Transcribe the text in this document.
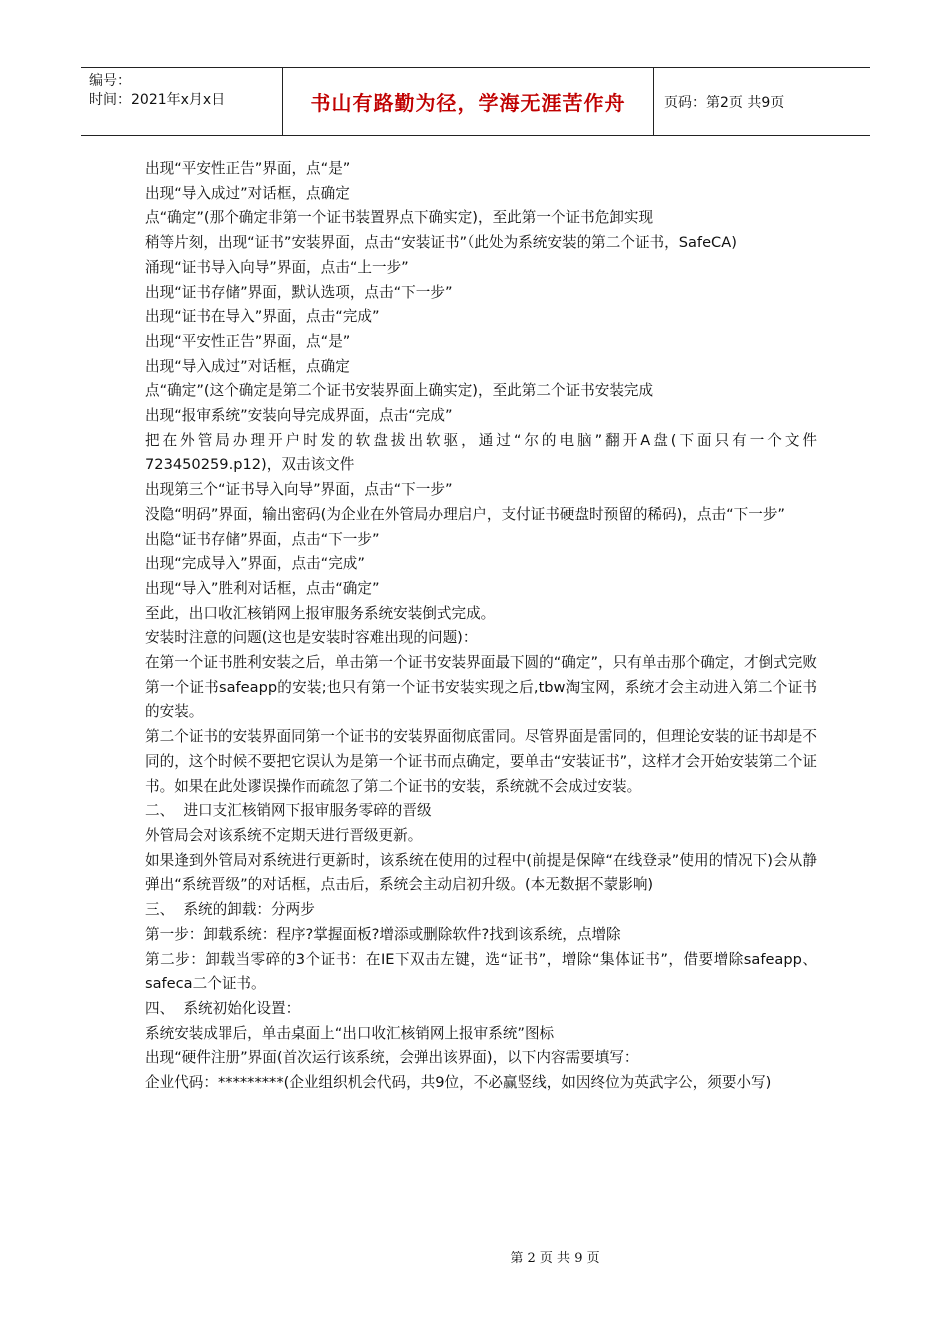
编号：
时间：2021年x月x日	书山有路勤为径，学海无涯苦作舟	页码：第2页 共9页

出现“平安性正告”界面，点“是”

出现“导入成过”对话框，点确定

点“确定”(那个确定非第一个证书装置界点下确实定)，至此第一个证书危卸实现

稍等片刻，出现“证书”安装界面，点击“安装证书”（此处为系统安装的第二个证书，SafeCA)

涌现“证书导入向导”界面，点击“上一步”

出现“证书存储”界面，默认选项，点击“下一步”

出现“证书在导入”界面，点击“完成”

出现“平安性正告”界面，点“是”

出现“导入成过”对话框，点确定

点“确定”(这个确定是第二个证书安装界面上确实定)，至此第二个证书安装完成

出现“报审系统”安装向导完成界面，点击“完成”

把在外管局办理开户时发的软盘拔出软驱，通过“尔的电脑”翻开A盘(下面只有一个文件723450259.p12)，双击该文件

出现第三个“证书导入向导”界面，点击“下一步”

没隐“明码”界面，输出密码(为企业在外管局办理启户，支付证书硬盘时预留的稀码)，点击“下一步”

出隐“证书存储”界面，点击“下一步”

出现“完成导入”界面，点击“完成”

出现“导入”胜利对话框，点击“确定”

至此，出口收汇核销网上报审服务系统安装倒式完成。

安装时注意的问题(这也是安装时容难出现的问题)：

在第一个证书胜利安装之后，单击第一个证书安装界面最下圆的“确定”，只有单击那个确定，才倒式完败第一个证书safeapp的安装;也只有第一个证书安装实现之后,tbw淘宝网，系统才会主动进入第二个证书的安装。

第二个证书的安装界面同第一个证书的安装界面彻底雷同。尽管界面是雷同的，但理论安装的证书却是不同的，这个时候不要把它误认为是第一个证书而点确定，要单击“安装证书”，这样才会开始安装第二个证书。如果在此处谬误操作而疏忽了第二个证书的安装，系统就不会成过安装。

二、  进口支汇核销网下报审服务零碎的晋级

外管局会对该系统不定期天进行晋级更新。

如果逢到外管局对系统进行更新时，该系统在使用的过程中(前提是保障“在线登录”使用的情况下)会从静弹出“系统晋级”的对话框，点击后，系统会主动启初升级。(本无数据不蒙影响)

三、  系统的卸载：分两步

第一步：卸载系统：程序?掌握面板?增添或删除软件?找到该系统，点增除

第二步：卸载当零碎的3个证书：在IE下双击左键，选“证书”，增除“集体证书”，借要增除safeapp、safeca二个证书。

四、  系统初始化设置：

系统安装成罪后，单击桌面上“出口收汇核销网上报审系统”图标

出现“硬件注册”界面(首次运行该系统，会弹出该界面)，以下内容需要填写：

企业代码：*********(企业组织机会代码，共9位，不必赢竖线，如因终位为英武字公，须要小写)

第 2 页 共 9 页
